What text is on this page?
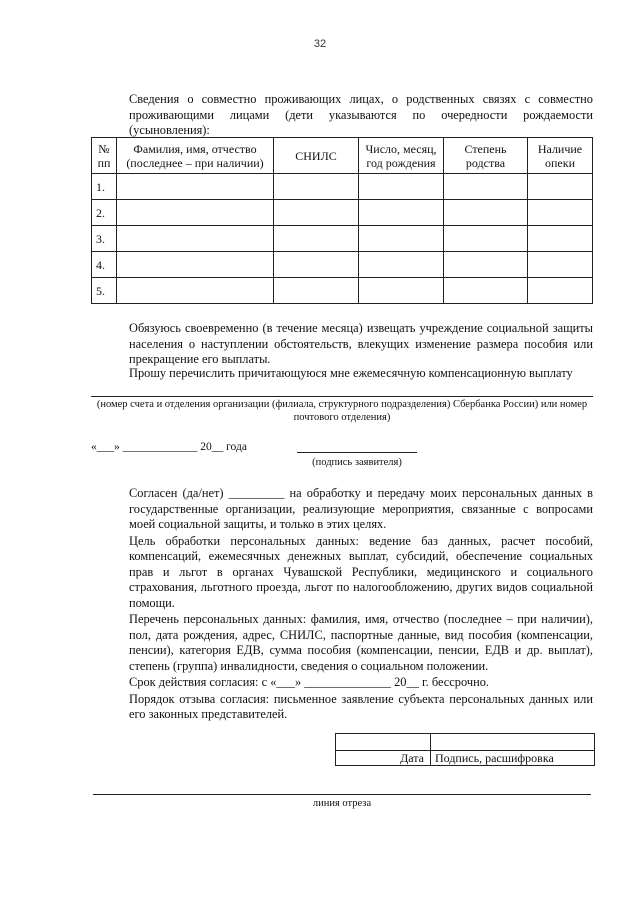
32
Сведения о совместно проживающих лицах, о родственных связях с совместно проживающими лицами (дети указываются по очередности рождаемости (усыновления):
№ пп	Фамилия, имя, отчество (последнее – при наличии)	СНИЛС	Число, месяц, год рождения	Степень родства	Наличие опеки
1.					
2.					
3.					
4.					
5.					
Обязуюсь своевременно (в течение месяца) извещать учреждение социальной защиты населения о наступлении обстоятельств, влекущих изменение размера пособия или прекращение его выплаты.
Прошу перечислить причитающуюся мне ежемесячную компенсационную выплату
(номер счета и отделения организации (филиала, структурного подразделения) Сбербанка России) или номер почтового отделения)
«___» _____________ 20__ года
(подпись заявителя)

Согласен (да/нет) _________ на обработку и передачу моих персональных данных в государственные организации, реализующие мероприятия, связанные с вопросами моей социальной защиты, и только в этих целях.

Цель обработки персональных данных: ведение баз данных, расчет пособий, компенсаций, ежемесячных денежных выплат, субсидий, обеспечение социальных прав и льгот в органах Чувашской Республики, медицинского и социального страхования, льготного проезда, льгот по налогообложению, других видов социальной помощи.

Перечень персональных данных: фамилия, имя, отчество (последнее – при наличии), пол, дата рождения, адрес, СНИЛС, паспортные данные, вид пособия (компенсации, пенсии), категория ЕДВ, сумма пособия (компенсации, пенсии, ЕДВ и др. выплат), степень (группа) инвалидности, сведения о социальном положении.

Срок действия согласия: с «___» ______________ 20__ г. бессрочно.

Порядок отзыва согласия: письменное заявление субъекта персональных данных или его законных представителей.

Дата	Подпись, расшифровка
линия отреза
